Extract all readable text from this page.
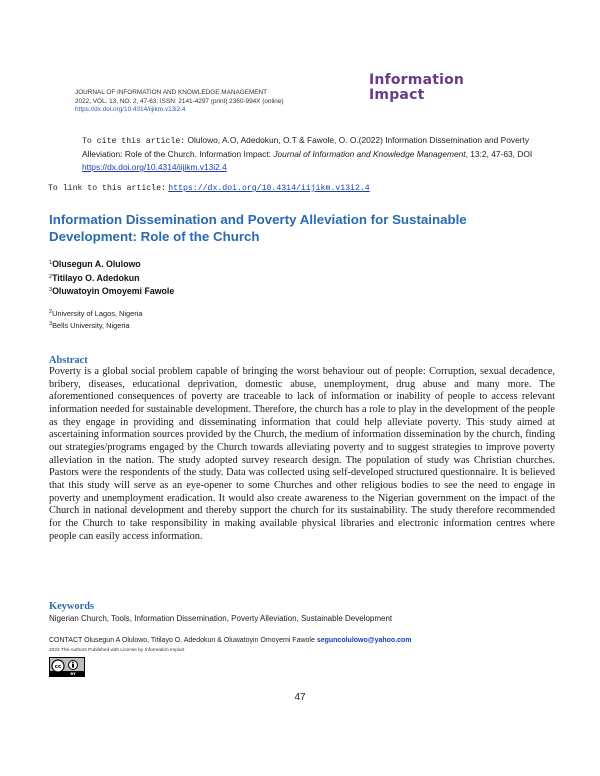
JOURNAL OF INFORMATION AND KNOWLEDGE MANAGEMENT
2022, VOL. 13, NO. 2, 47-63; ISSN: 2141-4297 (print) 2360-994X (online)
https://dx.doi.org/10.4314/iijikm.v13i2.4
Information
Impact
To cite this article: Olulowo, A.O, Adedokun, O.T & Fawole, O. O.(2022) Information Dissemination and Poverty Alleviation: Role of the Church. Information Impact: Journal of Information and Knowledge Management, 13:2, 47-63, DOI https://dx.doi.org/10.4314/iijikm.v13i2.4
To link to this article: https://dx.doi.org/10.4314/iijikm.v13i2.4
Information Dissemination and Poverty Alleviation for Sustainable Development: Role of the Church
$^1$Olusegun A. Olulowo
$^2$Titilayo O. Adedokun
$^3$Oluwatoyin Omoyemi Fawole
$^2$University of Lagos, Nigeria
$^3$Bells University, Nigeria
Abstract
Poverty is a global social problem capable of bringing the worst behaviour out of people: Corruption, sexual decadence, bribery, diseases, educational deprivation, domestic abuse, unemployment, drug abuse and many more. The aforementioned consequences of poverty are traceable to lack of information or inability of people to access relevant information needed for sustainable development. Therefore, the church has a role to play in the development of the people as they engage in providing and disseminating information that could help alleviate poverty. This study aimed at ascertaining information sources provided by the Church, the medium of information dissemination by the church, finding out strategies/programs engaged by the Church towards alleviating poverty and to suggest strategies to improve poverty alleviation in the nation. The study adopted survey research design. The population of study was Christian churches. Pastors were the respondents of the study. Data was collected using self-developed structured questionnaire. It is believed that this study will serve as an eye-opener to some Churches and other religious bodies to see the need to engage in poverty and unemployment eradication. It would also create awareness to the Nigerian government on the impact of the Church in national development and thereby support the church for its sustainability. The study therefore recommended for the Church to take responsibility in making available physical libraries and electronic information centres where people can easily access information.
Keywords
Nigerian Church, Tools, Information Dissemination, Poverty Alleviation, Sustainable Development
CONTACT Olusegun A Olulowo, Titilayo O. Adedokun & Oluwatoyin Omoyemi Fawole seguncolulowo@yahoo.com
2022 The Authors Published with License by Information Impact
cc
BY
47
